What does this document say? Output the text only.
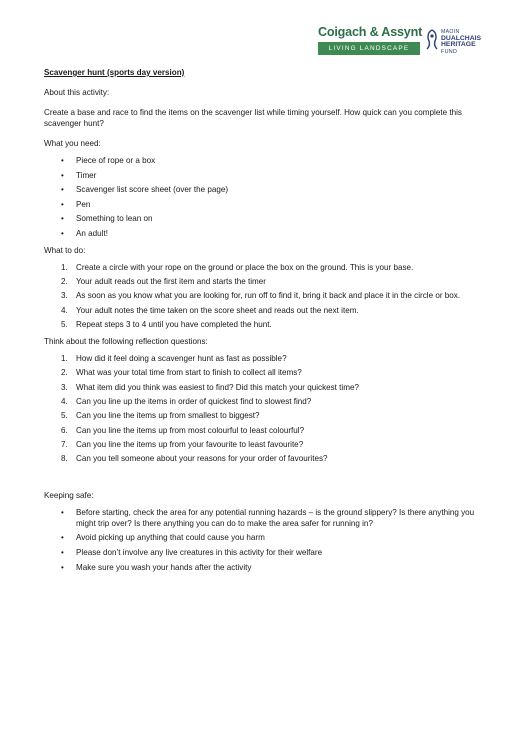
Coigach & Assynt
LIVING LANDSCAPE
MAOIN
DUALCHAIS
HERITAGE
FUND

Scavenger hunt (sports day version)

About this activity:

Create a base and race to find the items on the scavenger list while timing yourself. How quick can you complete this scavenger hunt?

What you need:

• Piece of rope or a box
• Timer
• Scavenger list score sheet (over the page)
• Pen
• Something to lean on
• An adult!

What to do:

1. Create a circle with your rope on the ground or place the box on the ground. This is your base.
2. Your adult reads out the first item and starts the timer
3. As soon as you know what you are looking for, run off to find it, bring it back and place it in the circle or box.
4. Your adult notes the time taken on the score sheet and reads out the next item.
5. Repeat steps 3 to 4 until you have completed the hunt.

Think about the following reflection questions:

1. How did it feel doing a scavenger hunt as fast as possible?
2. What was your total time from start to finish to collect all items?
3. What item did you think was easiest to find? Did this match your quickest time?
4. Can you line up the items in order of quickest find to slowest find?
5. Can you line the items up from smallest to biggest?
6. Can you line the items up from most colourful to least colourful?
7. Can you line the items up from your favourite to least favourite?
8. Can you tell someone about your reasons for your order of favourites?

Keeping safe:

• Before starting, check the area for any potential running hazards – is the ground slippery? Is there anything you might trip over? Is there anything you can do to make the area safer for running in?
• Avoid picking up anything that could cause you harm
• Please don’t involve any live creatures in this activity for their welfare
• Make sure you wash your hands after the activity
